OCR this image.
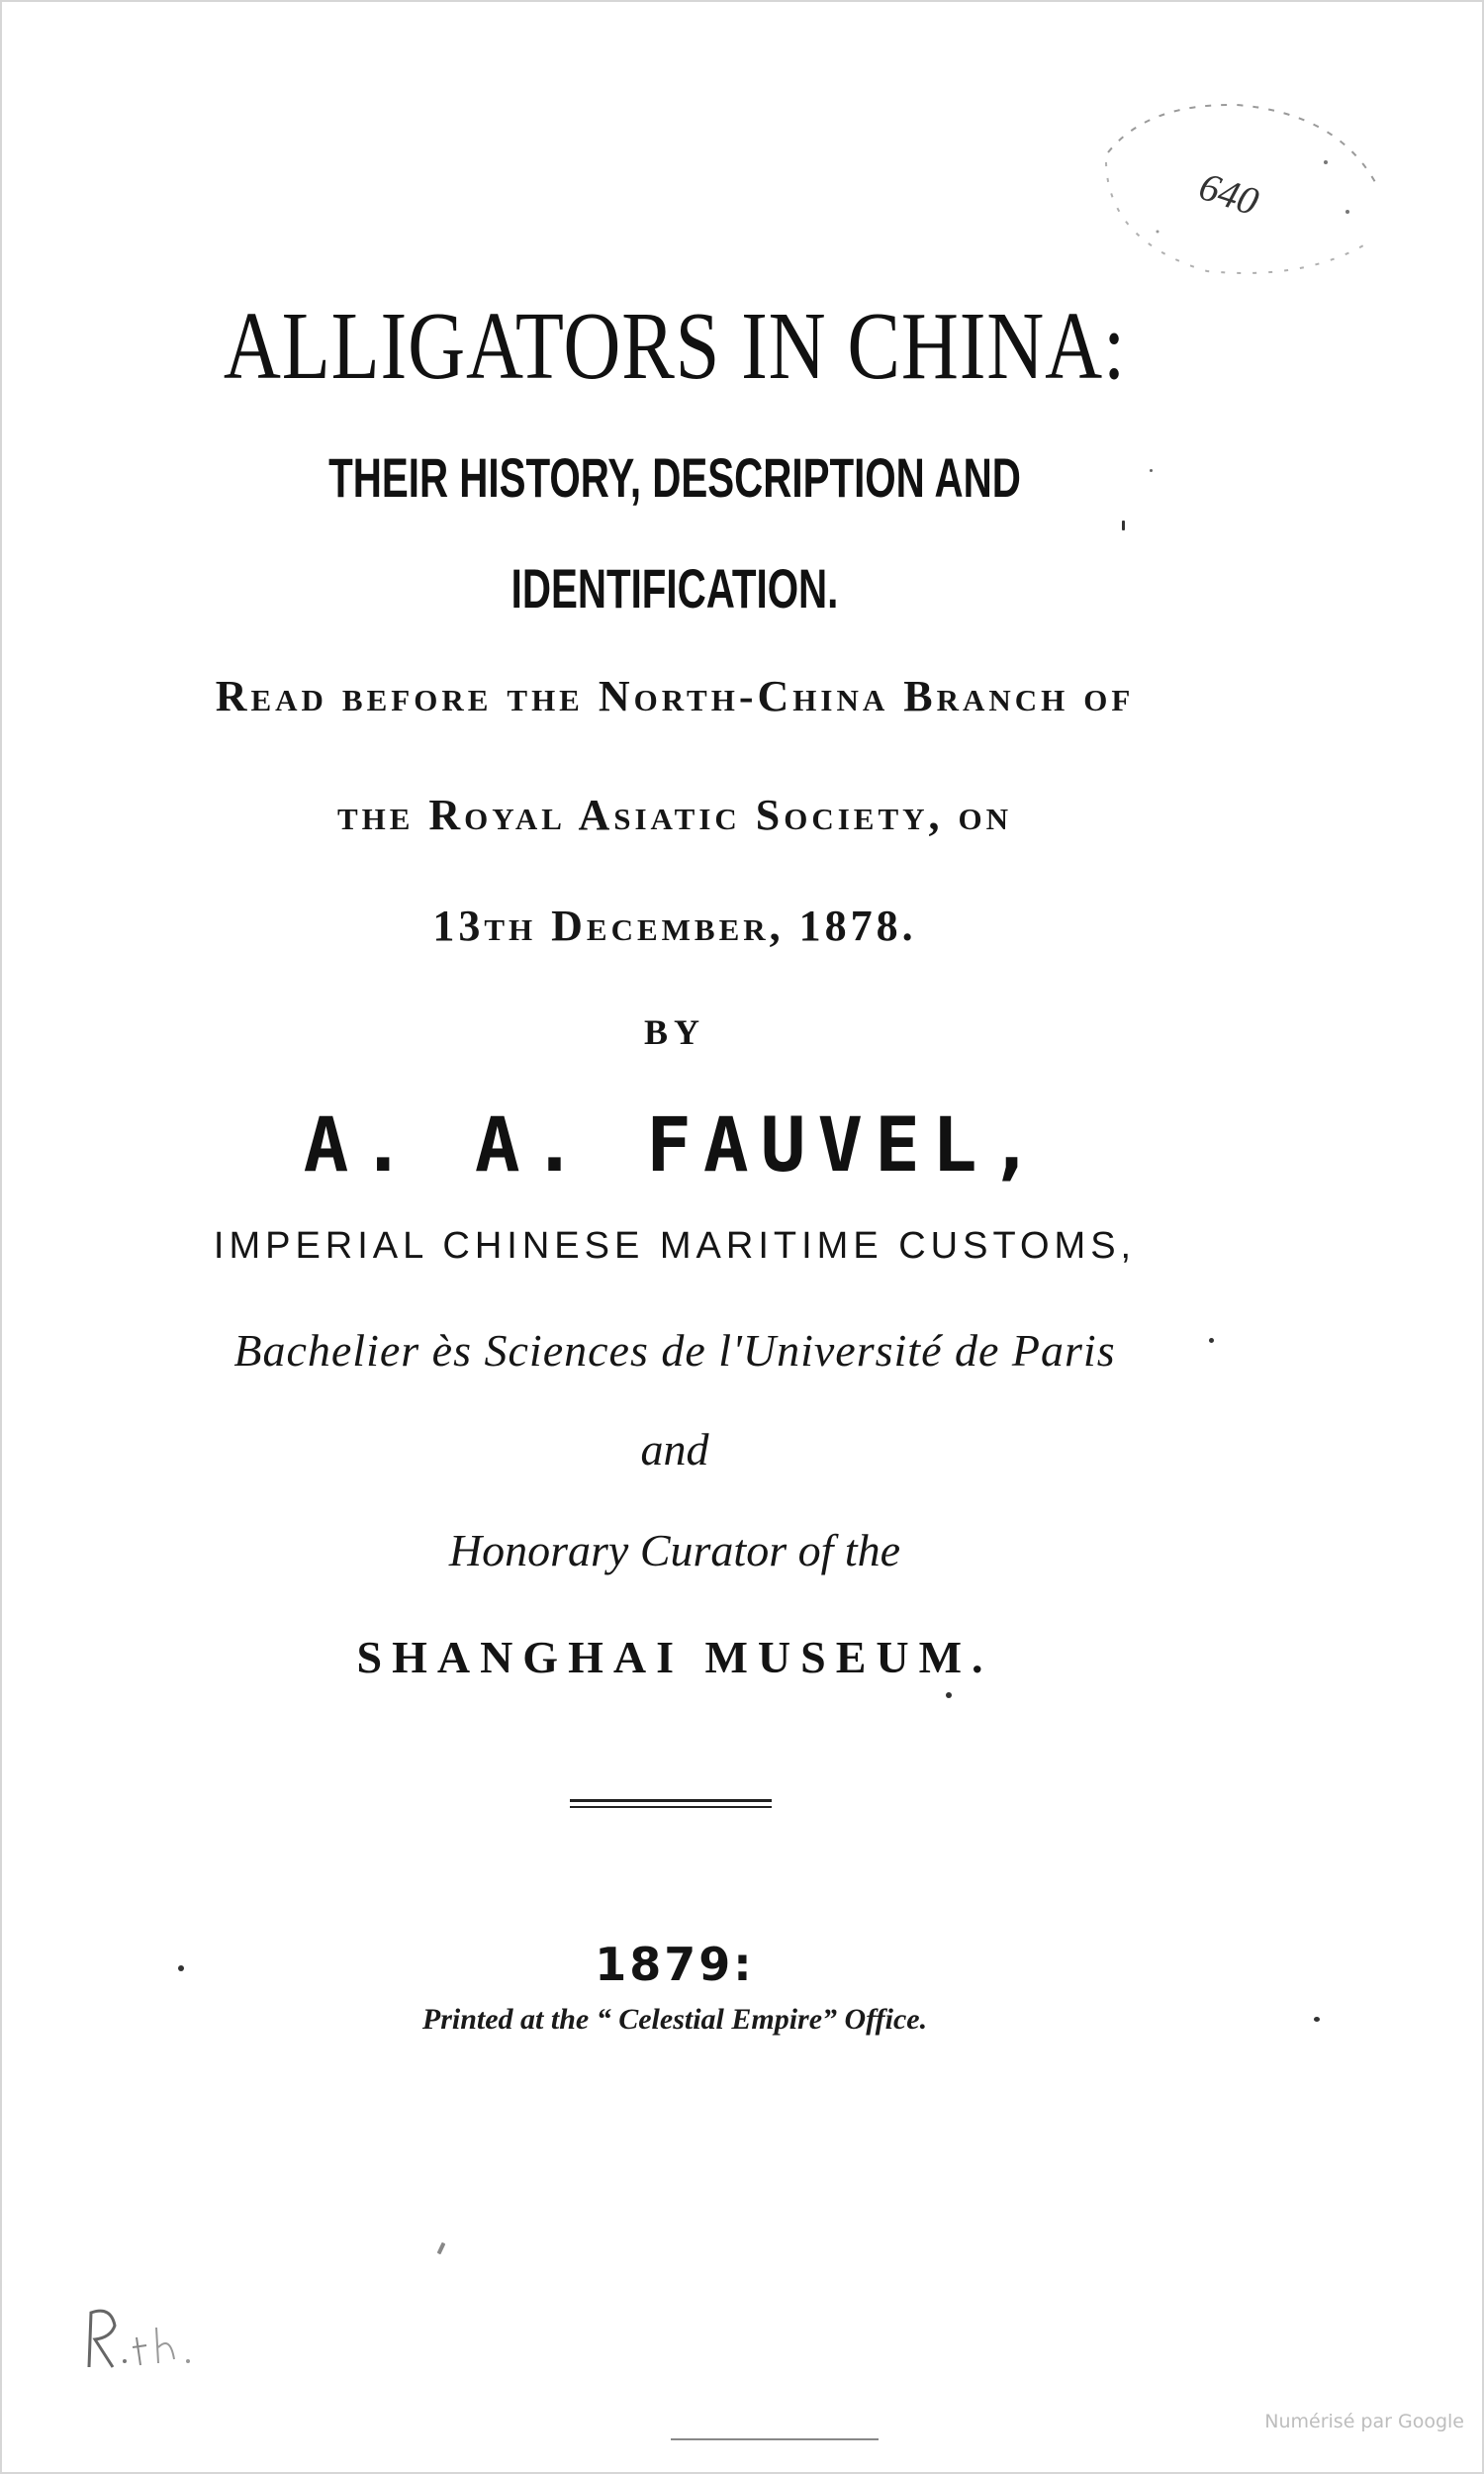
640
ALLIGATORS IN CHINA:
THEIR HISTORY, DESCRIPTION AND
IDENTIFICATION.
Read before the North-China Branch of
the Royal Asiatic Society, on
13th December, 1878.
BY
A. A. FAUVEL,
IMPERIAL CHINESE MARITIME CUSTOMS,
Bachelier ès Sciences de l'Université de Paris
and
Honorary Curator of the
SHANGHAI MUSEUM.
1879:
Printed at the “ Celestial Empire” Office.
Numérisé par Google
